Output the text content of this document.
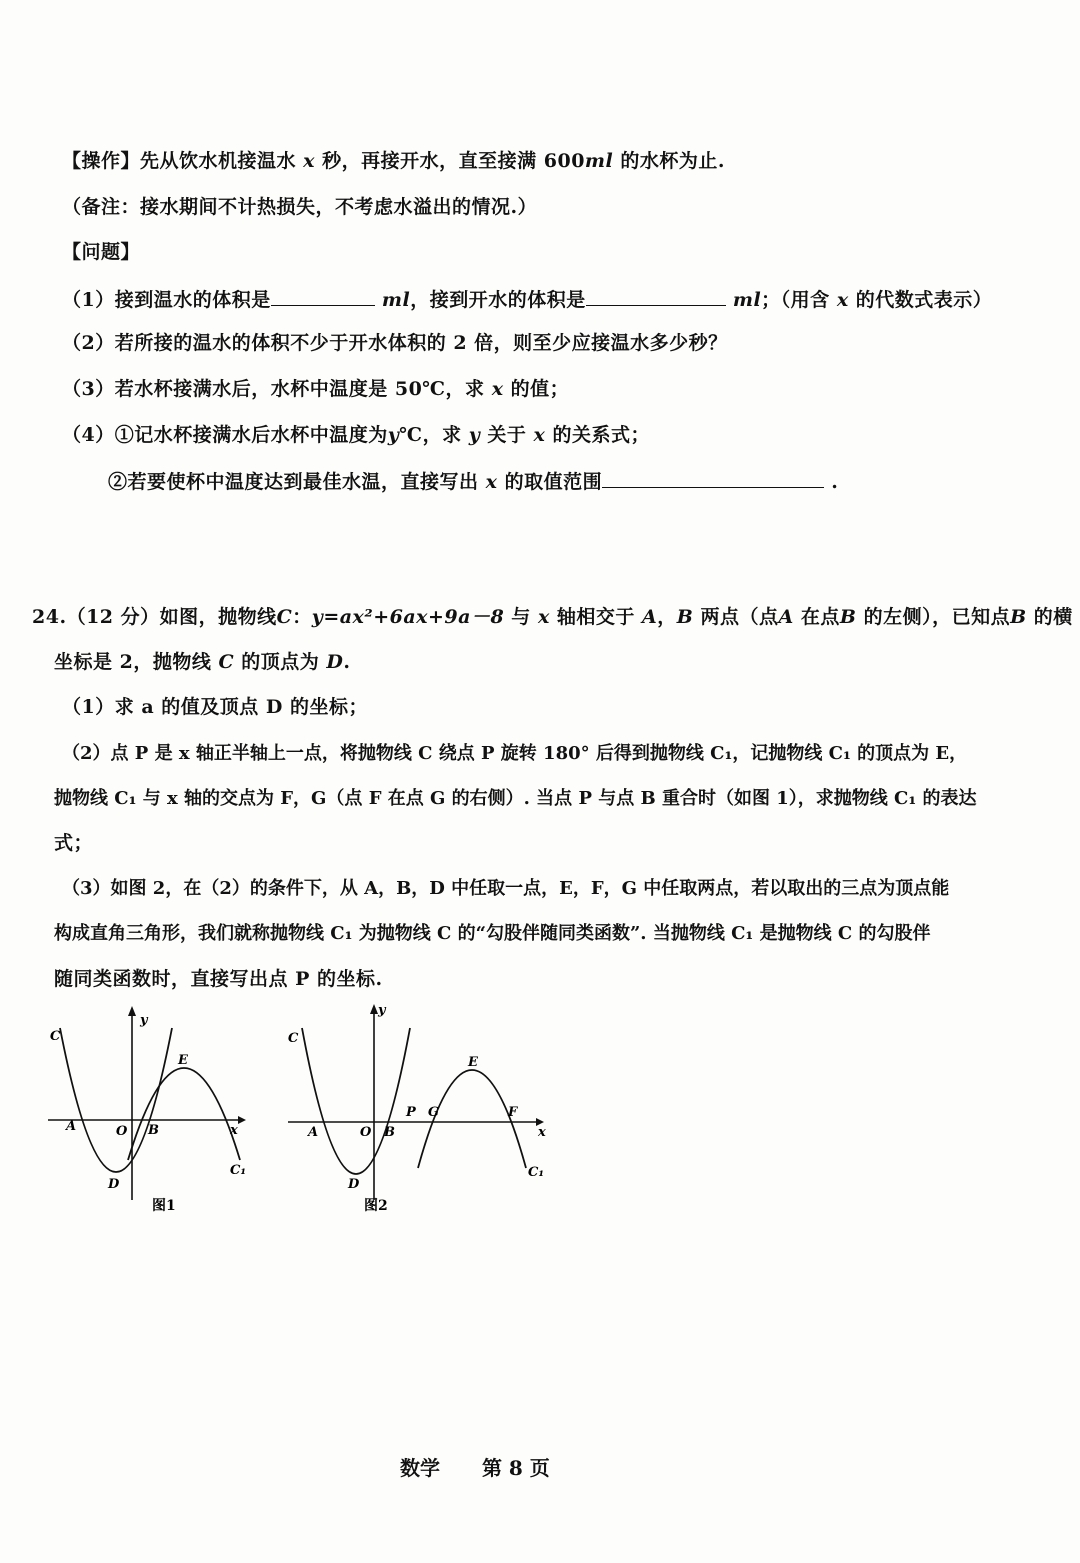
【操作】先从饮水机接温水 x 秒，再接开水，直至接满 600ml 的水杯为止.
（备注：接水期间不计热损失，不考虑水溢出的情况.）
【问题】
（1）接到温水的体积是	ml，接到开水的体积是	ml；（用含 x 的代数式表示）
（2）若所接的温水的体积不少于开水体积的 2 倍，则至少应接温水多少秒？
（3）若水杯接满水后，水杯中温度是 50℃，求 x 的值；
（4）①记水杯接满水后水杯中温度为y℃，求 y 关于 x 的关系式；
②若要使杯中温度达到最佳水温，直接写出 x 的取值范围	.
24.（12 分）如图，抛物线C：y=ax²+6ax+9a－8 与 x 轴相交于 A，B 两点（点A 在点B 的左侧），已知点B 的横
坐标是 2，抛物线 C 的顶点为 D.
（1）求 a 的值及顶点 D 的坐标；
（2）点 P 是 x 轴正半轴上一点，将抛物线 C 绕点 P 旋转 180° 后得到抛物线 C₁，记抛物线 C₁ 的顶点为 E，
抛物线 C₁ 与 x 轴的交点为 F，G（点 F 在点 G 的右侧）. 当点 P 与点 B 重合时（如图 1），求抛物线 C₁ 的表达
式；
（3）如图 2，在（2）的条件下，从 A，B，D 中任取一点，E，F，G 中任取两点，若以取出的三点为顶点能
构成直角三角形，我们就称抛物线 C₁ 为抛物线 C 的“勾股伴随同类函数”. 当抛物线 C₁ 是抛物线 C 的勾股伴
随同类函数时，直接写出点 P 的坐标.
C
y
E
A	O B	x
D
C₁
图1
C
y
E
P G	F
A	O B	x
D
C₁
图2
数学 第 8 页
